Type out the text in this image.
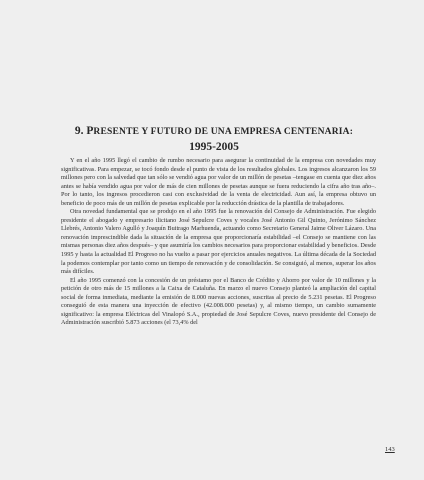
9. PRESENTE Y FUTURO DE UNA EMPRESA CENTENARIA:
1995-2005

Y en el año 1995 llegó el cambio de rumbo necesario para asegurar la continuidad de la empresa con novedades muy significativas. Para empezar, se tocó fondo desde el punto de vista de los resultados globales. Los ingresos alcanzaron los 59 millones pero con la salvedad que tan sólo se vendió agua por valor de un millón de pesetas –tengase en cuenta que diez años antes se había vendido agua por valor de más de cien millones de pesetas aunque se fuera reduciendo la cifra año tras año–. Por lo tanto, los ingresos procedieron casi con exclusividad de la venta de electricidad. Aun así, la empresa obtuvo un beneficio de poco más de un millón de pesetas explicable por la reducción drástica de la plantilla de trabajadores.

Otra novedad fundamental que se produjo en el año 1995 fue la renovación del Consejo de Administración. Fue elegido presidente el abogado y empresario ilicitano José Sepulcre Coves y vocales José Antonio Gil Quinto, Jerónimo Sánchez Llebrés, Antonio Valero Agulló y Joaquín Buitrago Marhuenda, actuando como Secretario General Jaime Oliver Lázaro. Una renovación imprescindible dada la situación de la empresa que proporcionaría estabilidad –el Consejo se mantiene con las mismas personas diez años después– y que asumiría los cambios necesarios para proporcionar estabilidad y beneficios. Desde 1995 y hasta la actualidad El Progreso no ha vuelto a pasar por ejercicios anuales negativos. La última década de la Sociedad la podemos contemplar por tanto como un tiempo de renovación y de consolidación. Se consiguió, al menos, superar los años más difíciles.

El año 1995 comenzó con la concesión de un préstamo por el Banco de Crédito y Ahorro por valor de 10 millones y la petición de otro más de 15 millones a la Caixa de Cataluña. En marzo el nuevo Consejo planteó la ampliación del capital social de forma inmediata, mediante la emisión de 8.000 nuevas acciones, suscritas al precio de 5.231 pesetas. El Progreso conseguió de esta manera una inyección de efectivo (42.008.000 pesetas) y, al mismo tiempo, un cambio sumamente significativo: la empresa Eléctricas del Vinalopó S.A., propiedad de José Sepulcre Coves, nuevo presidente del Consejo de Administración suscribió 5.873 acciones (el 73,4% del

143
